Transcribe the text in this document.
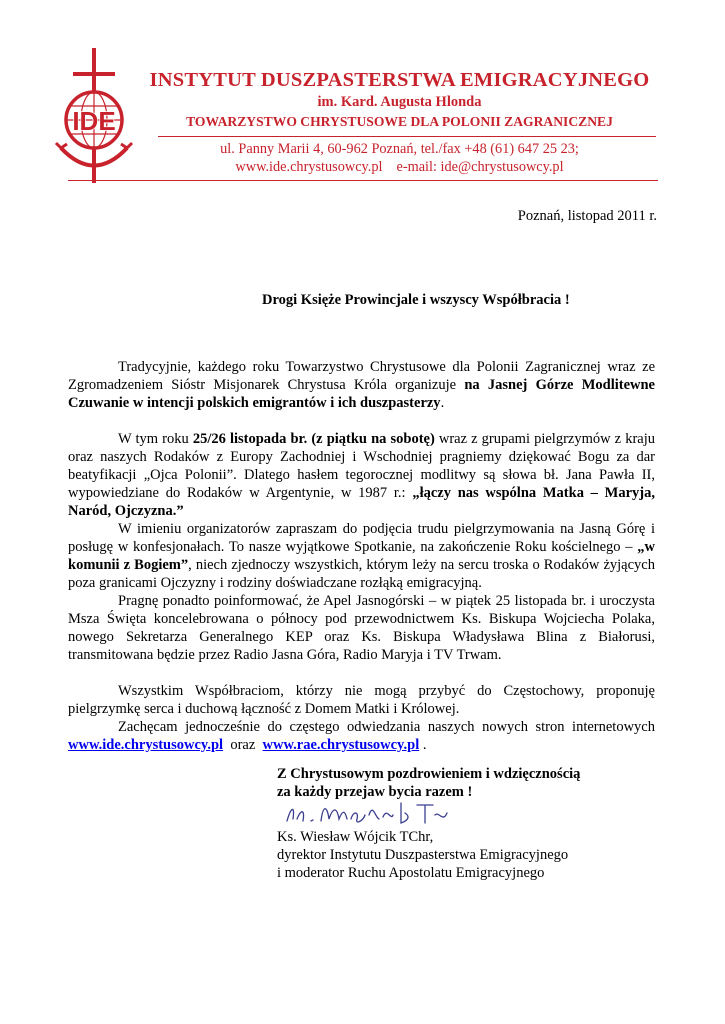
IDE
INSTYTUT DUSZPASTERSTWA EMIGRACYJNEGO
im. Kard. Augusta Hlonda
TOWARZYSTWO CHRYSTUSOWE DLA POLONII ZAGRANICZNEJ
ul. Panny Marii 4, 60-962 Poznań, tel./fax +48 (61) 647 25 23;
www.ide.chrystusowcy.pl e-mail: ide@chrystusowcy.pl
Poznań, listopad 2011 r.
Drogi Księże Prowincjale i wszyscy Współbracia !

Tradycyjnie, każdego roku Towarzystwo Chrystusowe dla Polonii Zagranicznej wraz ze Zgromadzeniem Sióstr Misjonarek Chrystusa Króla organizuje na Jasnej Górze Modlitewne Czuwanie w intencji polskich emigrantów i ich duszpasterzy.

W tym roku 25/26 listopada br. (z piątku na sobotę) wraz z grupami pielgrzymów z kraju oraz naszych Rodaków z Europy Zachodniej i Wschodniej pragniemy dziękować Bogu za dar beatyfikacji „Ojca Polonii”. Dlatego hasłem tegorocznej modlitwy są słowa bł. Jana Pawła II, wypowiedziane do Rodaków w Argentynie, w 1987 r.: „łączy nas wspólna Matka – Maryja, Naród, Ojczyzna.”

W imieniu organizatorów zapraszam do podjęcia trudu pielgrzymowania na Jasną Górę i posługę w konfesjonałach. To nasze wyjątkowe Spotkanie, na zakończenie Roku kościelnego – „w komunii z Bogiem”, niech zjednoczy wszystkich, którym leży na sercu troska o Rodaków żyjących poza granicami Ojczyzny i rodziny doświadczane rozłąką emigracyjną.

Pragnę ponadto poinformować, że Apel Jasnogórski – w piątek 25 listopada br. i uroczysta Msza Święta koncelebrowana o północy pod przewodnictwem Ks. Biskupa Wojciecha Polaka, nowego Sekretarza Generalnego KEP oraz Ks. Biskupa Władysława Blina z Białorusi, transmitowana będzie przez Radio Jasna Góra, Radio Maryja i TV Trwam.

Wszystkim Współbraciom, którzy nie mogą przybyć do Częstochowy, proponuję pielgrzymkę serca i duchową łączność z Domem Matki i Królowej.

Zachęcam jednocześnie do częstego odwiedzania naszych nowych stron internetowych www.ide.chrystusowcy.pl  oraz  www.rae.chrystusowcy.pl .

Z Chrystusowym pozdrowieniem i wdzięcznością
za każdy przejaw bycia razem !
Ks. Wiesław Wójcik TChr,
dyrektor Instytutu Duszpasterstwa Emigracyjnego
i moderator Ruchu Apostolatu Emigracyjnego
